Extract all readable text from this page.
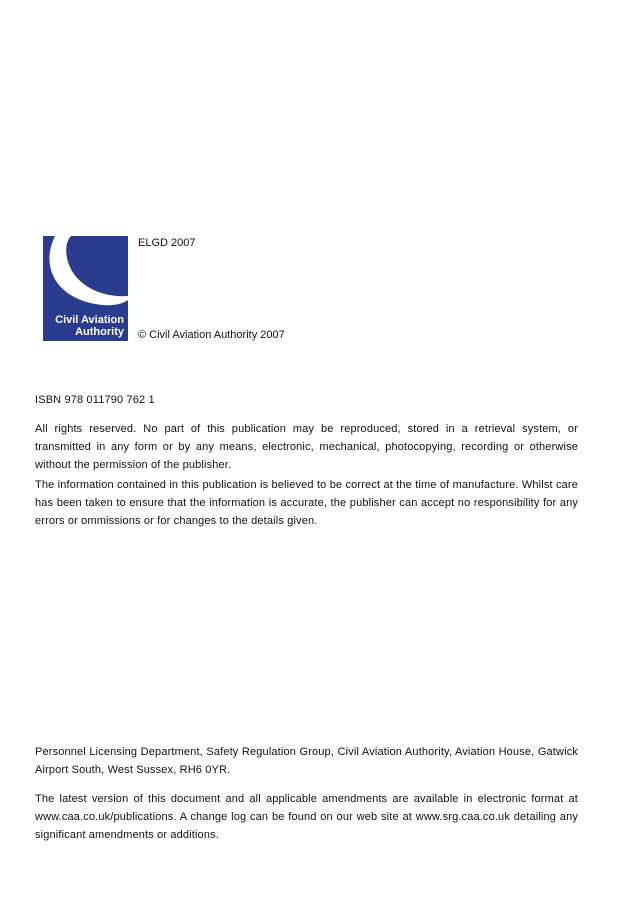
Civil Aviation
Authority
ELGD 2007
© Civil Aviation Authority 2007

ISBN 978 011790 762 1

All rights reserved. No part of this publication may be reproduced, stored in a retrieval system, or transmitted in any form or by any means, electronic, mechanical, photocopying, recording or otherwise without the permission of the publisher.

The information contained in this publication is believed to be correct at the time of manufacture. Whilst care has been taken to ensure that the information is accurate, the publisher can accept no responsibility for any errors or ommissions or for changes to the details given.

Personnel Licensing Department, Safety Regulation Group, Civil Aviation Authority, Aviation House, Gatwick Airport South, West Sussex, RH6 0YR.

The latest version of this document and all applicable amendments are available in electronic format at www.caa.co.uk/publications. A change log can be found on our web site at www.srg.caa.co.uk detailing any significant amendments or additions.
